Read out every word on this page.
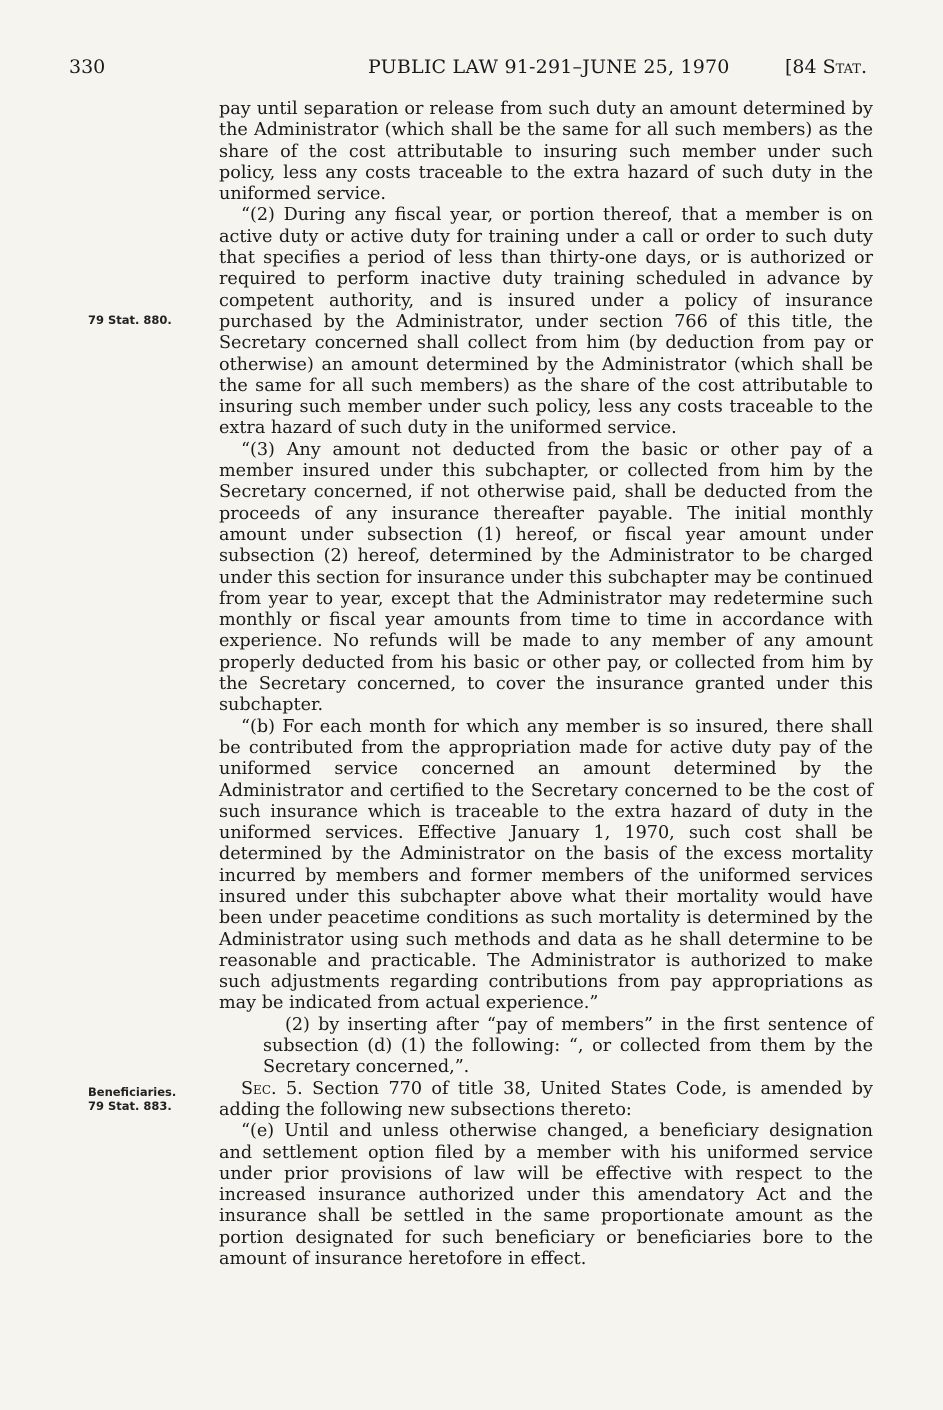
330	PUBLIC LAW 91-291–JUNE 25, 1970	[84 Stat.
79 Stat. 880.
Beneficiaries.
79 Stat. 883.

pay until separation or release from such duty an amount determined by the Administrator (which shall be the same for all such members) as the share of the cost attributable to insuring such member under such policy, less any costs traceable to the extra hazard of such duty in the uniformed service.

“(2) During any fiscal year, or portion thereof, that a member is on active duty or active duty for training under a call or order to such duty that specifies a period of less than thirty-one days, or is authorized or required to perform inactive duty training scheduled in advance by competent authority, and is insured under a policy of insurance purchased by the Administrator, under section 766 of this title, the Secretary concerned shall collect from him (by deduction from pay or otherwise) an amount determined by the Administrator (which shall be the same for all such members) as the share of the cost attributable to insuring such member under such policy, less any costs traceable to the extra hazard of such duty in the uniformed service.

“(3) Any amount not deducted from the basic or other pay of a member insured under this subchapter, or collected from him by the Secretary concerned, if not otherwise paid, shall be deducted from the proceeds of any insurance thereafter payable. The initial monthly amount under subsection (1) hereof, or fiscal year amount under subsection (2) hereof, determined by the Administrator to be charged under this section for insurance under this subchapter may be continued from year to year, except that the Administrator may redetermine such monthly or fiscal year amounts from time to time in accordance with experience. No refunds will be made to any member of any amount properly deducted from his basic or other pay, or collected from him by the Secretary concerned, to cover the insurance granted under this subchapter.

“(b) For each month for which any member is so insured, there shall be contributed from the appropriation made for active duty pay of the uniformed service concerned an amount determined by the Administrator and certified to the Secretary concerned to be the cost of such insurance which is traceable to the extra hazard of duty in the uniformed services. Effective January 1, 1970, such cost shall be determined by the Administrator on the basis of the excess mortality incurred by members and former members of the uniformed services insured under this subchapter above what their mortality would have been under peacetime conditions as such mortality is determined by the Administrator using such methods and data as he shall determine to be reasonable and practicable. The Administrator is authorized to make such adjustments regarding contributions from pay appropriations as may be indicated from actual experience.”

(2) by inserting after “pay of members” in the first sentence of subsection (d) (1) the following: “, or collected from them by the Secretary concerned,”.

Sec. 5. Section 770 of title 38, United States Code, is amended by adding the following new subsections thereto:

“(e) Until and unless otherwise changed, a beneficiary designation and settlement option filed by a member with his uniformed service under prior provisions of law will be effective with respect to the increased insurance authorized under this amendatory Act and the insurance shall be settled in the same proportionate amount as the portion designated for such beneficiary or beneficiaries bore to the amount of insurance heretofore in effect.
